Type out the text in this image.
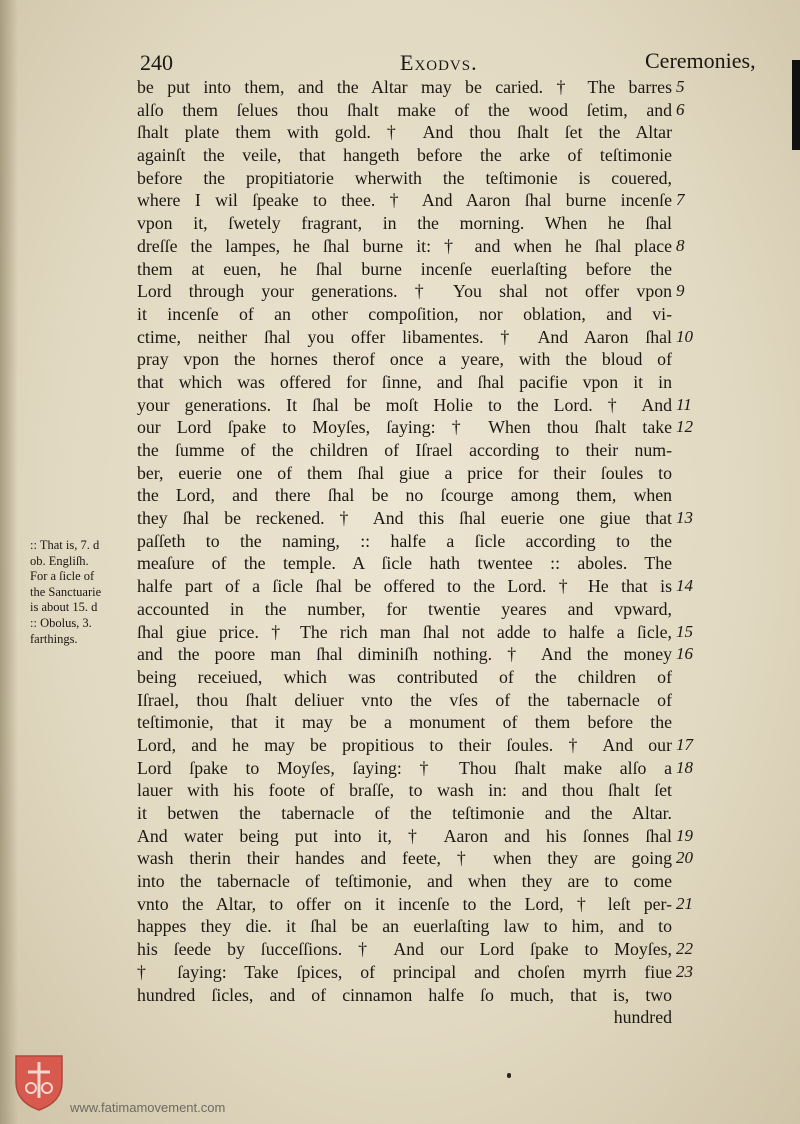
240	Exodvs.	Ceremonies,
be put into them, and the Altar may be caried. † The barres
alſo them ſelues thou ſhalt make of the wood ſetim, and
ſhalt plate them with gold. † And thou ſhalt ſet the Altar
againſt the veile, that hangeth before the arke of teſtimonie
before the propitiatorie wherwith the teſtimonie is couered,
where I wil ſpeake to thee. † And Aaron ſhal burne incenſe
vpon it, ſwetely fragrant, in the morning. When he ſhal
dreſſe the lampes, he ſhal burne it: † and when he ſhal place
them at euen, he ſhal burne incenſe euerlaſting before the
Lord through your generations. † You shal not offer vpon
it incenſe of an other compoſition, nor oblation, and vi-
ctime, neither ſhal you offer libamentes. † And Aaron ſhal
pray vpon the hornes therof once a yeare, with the bloud of
that which was offered for ſinne, and ſhal pacifie vpon it in
your generations. It ſhal be moſt Holie to the Lord. † And
our Lord ſpake to Moyſes, ſaying: † When thou ſhalt take
the ſumme of the children of Iſrael according to their num-
ber, euerie one of them ſhal giue a price for their ſoules to
the Lord, and there ſhal be no ſcourge among them, when
they ſhal be reckened. † And this ſhal euerie one giue that
paſſeth to the naming, :: halfe a ſicle according to the
meaſure of the temple. A ſicle hath twentee :: aboles. The
halfe part of a ſicle ſhal be offered to the Lord. † He that is
accounted in the number, for twentie yeares and vpward,
ſhal giue price. † The rich man ſhal not adde to halfe a ſicle,
and the poore man ſhal diminiſh nothing. † And the money
being receiued, which was contributed of the children of
Iſrael, thou ſhalt deliuer vnto the vſes of the tabernacle of
teſtimonie, that it may be a monument of them before the
Lord, and he may be propitious to their ſoules. † And our
Lord ſpake to Moyſes, ſaying: † Thou ſhalt make alſo a
lauer with his foote of braſſe, to wash in: and thou ſhalt ſet
it betwen the tabernacle of the teſtimonie and the Altar.
And water being put into it, † Aaron and his ſonnes ſhal
wash therin their handes and feete, † when they are going
into the tabernacle of teſtimonie, and when they are to come
vnto the Altar, to offer on it incenſe to the Lord, † leſt per-
happes they die. it ſhal be an euerlaſting law to him, and to
his ſeede by ſucceſſions. † And our Lord ſpake to Moyſes,
† ſaying: Take ſpices, of principal and choſen myrrh fiue
hundred ſicles, and of cinnamon halfe ſo much, that is, two
hundred
5
6
7
8
9
10
11
12
13
14
15
16
17
18
19
20
21
22
23
:: That is, 7. d
ob. Engliſh.
For a ſicle of
the Sanctuarie
is about 15. d
:: Obolus, 3.
farthings.
www.fatimamovement.com
